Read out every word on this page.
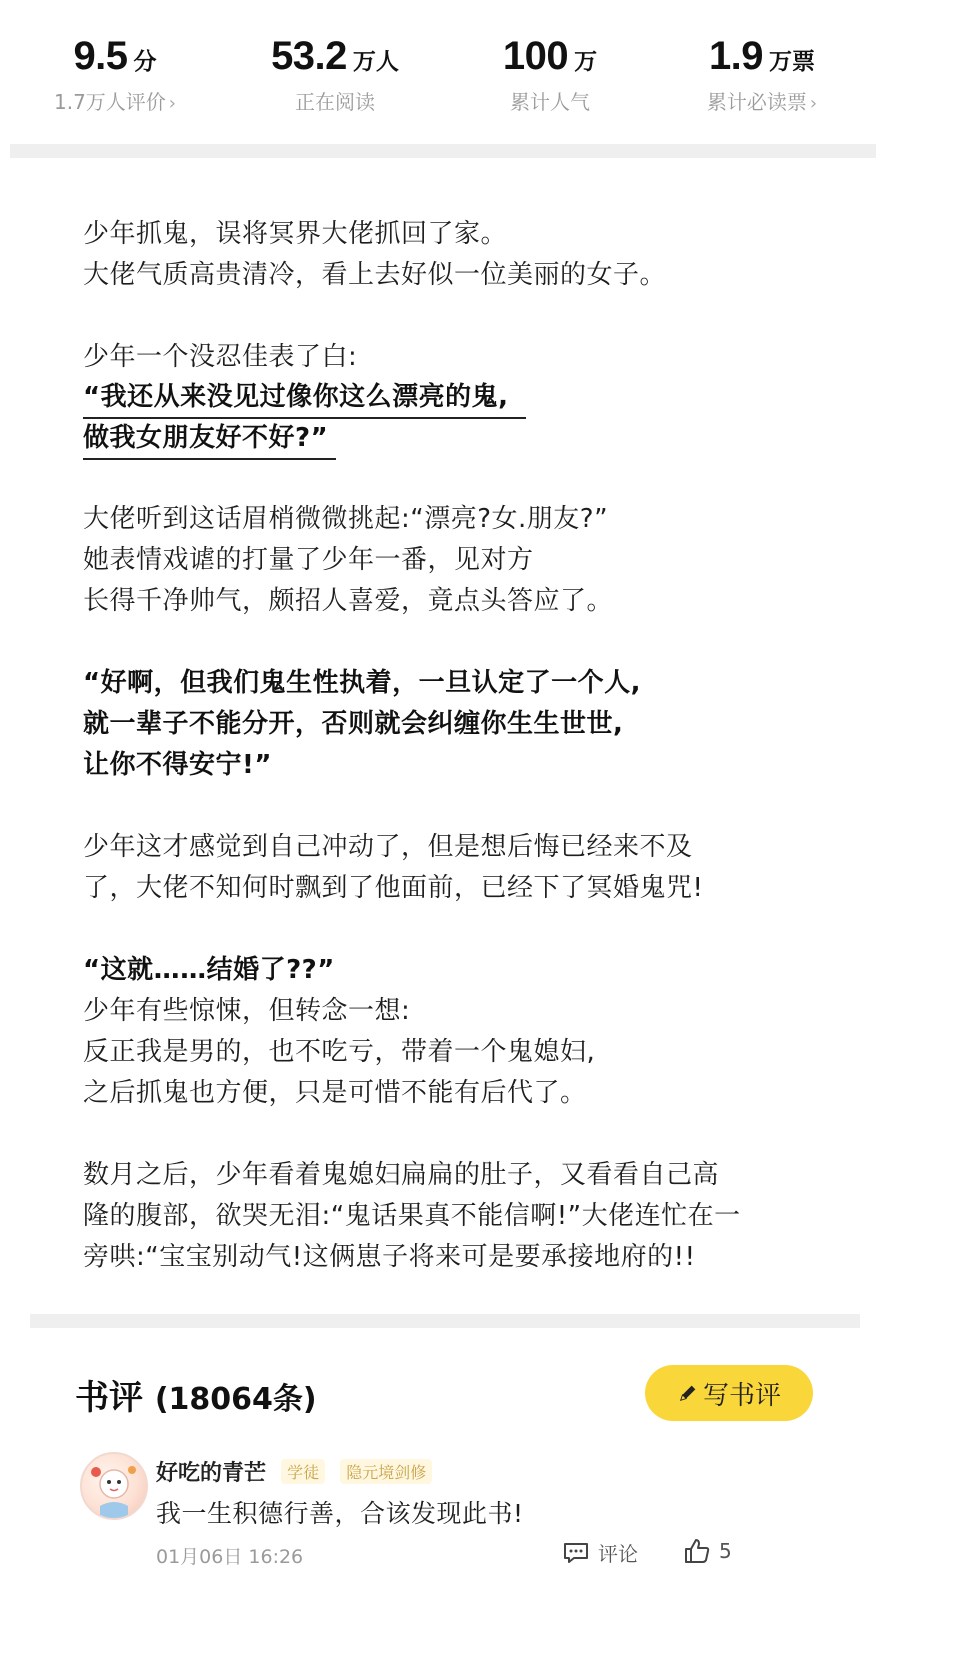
9.5 分
1.7万人评价 ›
53.2 万人
正在阅读
100 万
累计人气
1.9 万票
累计必读票 ›
少年抓鬼，误将冥界大佬抓回了家。
大佬气质高贵清冷，看上去好似一位美丽的女子。
少年一个没忍佳表了白:
“我还从来没见过像你这么漂亮的鬼,
做我女朋友好不好?”
大佬听到这话眉梢微微挑起:“漂亮?女.朋友?”
她表情戏谑的打量了少年一番，见对方
长得千净帅气，颇招人喜爱，竟点头答应了。
“好啊，但我们鬼生性执着，一旦认定了一个人,
就一辈子不能分开，否则就会纠缠你生生世世,
让你不得安宁!”
少年这才感觉到自己冲动了，但是想后悔已经来不及
了，大佬不知何时飘到了他面前，已经下了冥婚鬼咒!
“这就……结婚了??”
少年有些惊悚，但转念一想:
反正我是男的，也不吃亏，带着一个鬼媳妇,
之后抓鬼也方便，只是可惜不能有后代了。
数月之后，少年看着鬼媳妇扁扁的肚子，又看看自己高
隆的腹部，欲哭无泪:“鬼话果真不能信啊!”大佬连忙在一
旁哄:“宝宝别动气!这俩崽子将来可是要承接地府的!!
书评 (18064条)	写书评
好吃的青芒 学徒 隐元境剑修
我一生积德行善，合该发现此书!
01月06日 16:26	评论	5
